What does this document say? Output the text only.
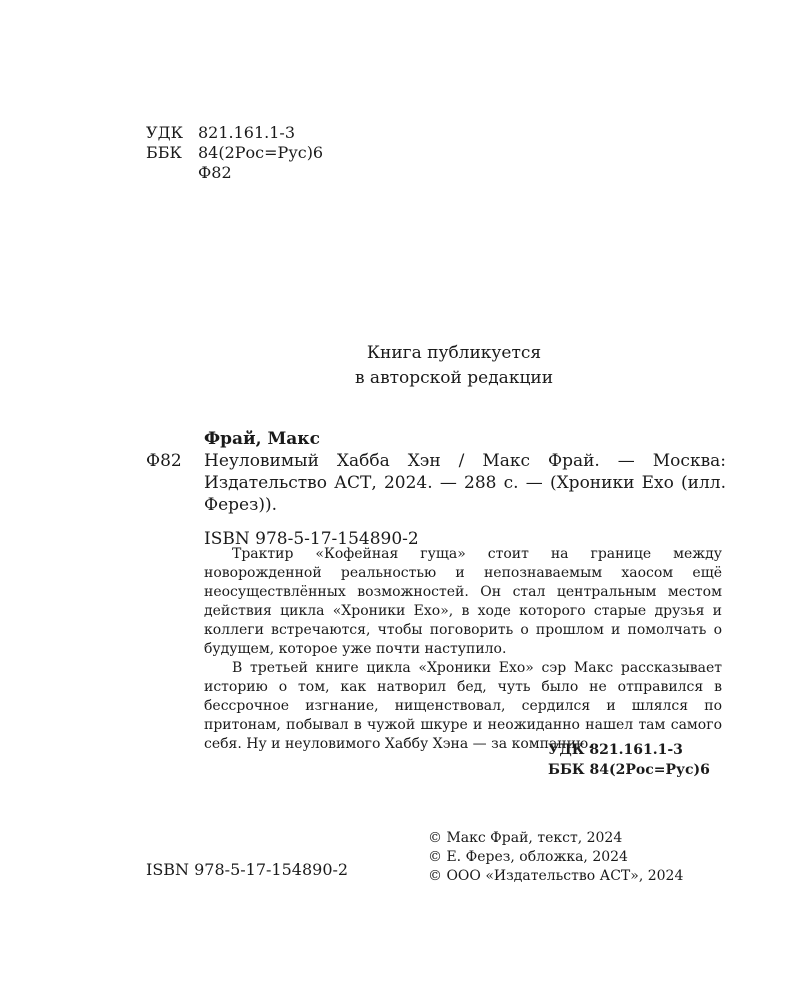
УДК 821.161.1-3
ББК 84(2Рос=Рус)6
Ф82
Книга публикуется
в авторской редакции
Фрай, Макс
Ф82	Неуловимый Хабба Хэн / Макс Фрай. — Москва: Издательство АСТ, 2024. — 288 с. — (Хроники Ехо (илл. Ферез)).
ISBN 978-5-17-154890-2

Трактир «Кофейная гуща» стоит на границе между новорожденной реальностью и непознаваемым хаосом ещё неосуществлённых возможностей. Он стал центральным местом действия цикла «Хроники Ехо», в ходе которого старые друзья и коллеги встречаются, чтобы поговорить о прошлом и помолчать о будущем, которое уже почти наступило.

В третьей книге цикла «Хроники Ехо» сэр Макс рассказывает историю о том, как натворил бед, чуть было не отправился в бессрочное изгнание, нищенствовал, сердился и шлялся по притонам, побывал в чужой шкуре и неожиданно нашел там самого себя. Ну и неуловимого Хаббу Хэна — за компанию.

УДК 821.161.1-3
ББК 84(2Рос=Рус)6
ISBN 978-5-17-154890-2
© Макс Фрай, текст, 2024
© Е. Ферез, обложка, 2024
© ООО «Издательство АСТ», 2024
